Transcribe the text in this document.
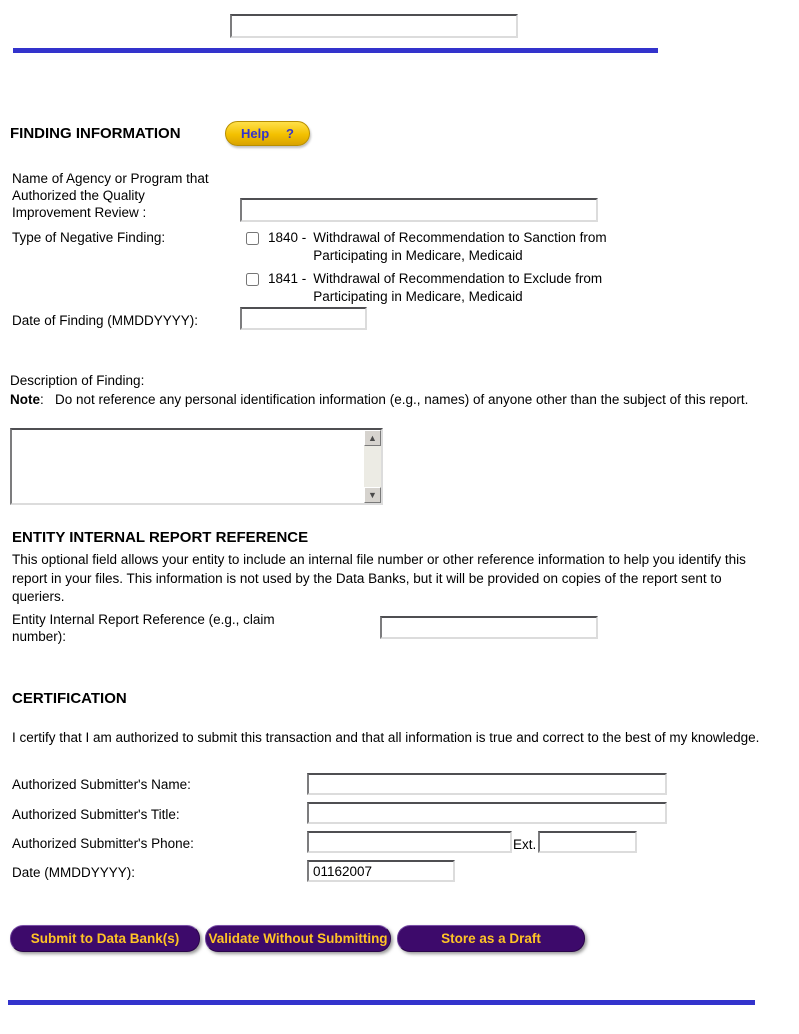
FINDING INFORMATION	Help ?
Name of Agency or Program that Authorized the Quality Improvement Review :
Type of Negative Finding:	1840 - Withdrawal of Recommendation to Sanction from
Participating in Medicare, Medicaid
1841 - Withdrawal of Recommendation to Exclude from
Participating in Medicare, Medicaid
Date of Finding (MMDDYYYY):
Description of Finding:
Note:   Do not reference any personal identification information (e.g., names) of anyone other than the subject of this report.
▲
▼
ENTITY INTERNAL REPORT REFERENCE
This optional field allows your entity to include an internal file number or other reference information to help you identify this report in your files. This information is not used by the Data Banks, but it will be provided on copies of the report sent to queriers.
Entity Internal Report Reference (e.g., claim number):
CERTIFICATION
I certify that I am authorized to submit this transaction and that all information is true and correct to the best of my knowledge.
Authorized Submitter's Name:
Authorized Submitter's Title:
Authorized Submitter's Phone:	Ext.
Date (MMDDYYYY):
01162007
Submit to Data Bank(s)	Validate Without Submitting	Store as a Draft
